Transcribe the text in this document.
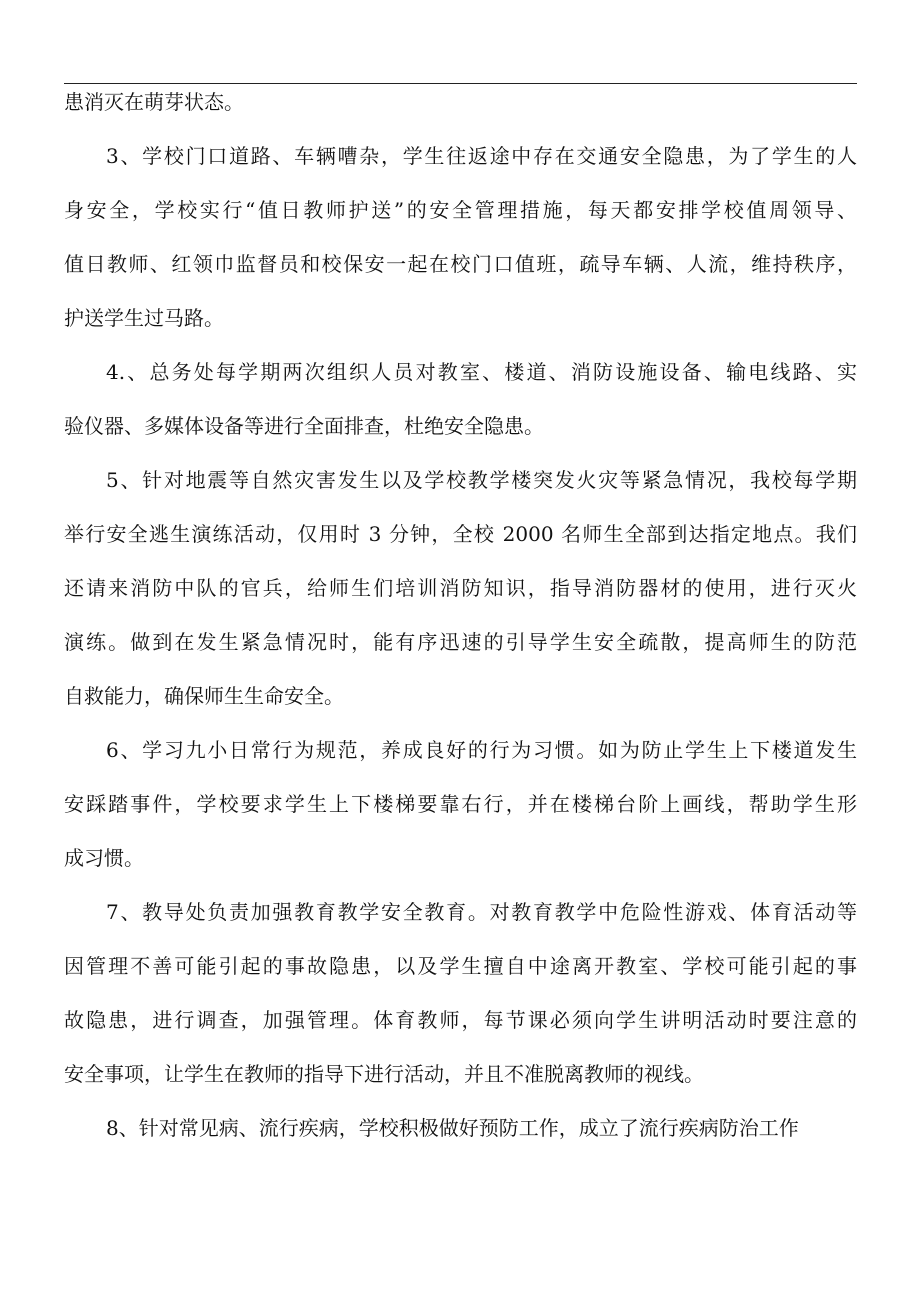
患消灭在萌芽状态。
3、学校门口道路、车辆嘈杂，学生往返途中存在交通安全隐患，为了学生的人
身安全，学校实行“值日教师护送”的安全管理措施，每天都安排学校值周领导、
值日教师、红领巾监督员和校保安一起在校门口值班，疏导车辆、人流，维持秩序，
护送学生过马路。
4.、总务处每学期两次组织人员对教室、楼道、消防设施设备、输电线路、实
验仪器、多媒体设备等进行全面排查，杜绝安全隐患。
5、针对地震等自然灾害发生以及学校教学楼突发火灾等紧急情况，我校每学期
举行安全逃生演练活动，仅用时 3 分钟，全校 2000 名师生全部到达指定地点。我们
还请来消防中队的官兵，给师生们培训消防知识，指导消防器材的使用，进行灭火
演练。做到在发生紧急情况时，能有序迅速的引导学生安全疏散，提高师生的防范
自救能力，确保师生生命安全。
6、学习九小日常行为规范，养成良好的行为习惯。如为防止学生上下楼道发生
安踩踏事件，学校要求学生上下楼梯要靠右行，并在楼梯台阶上画线，帮助学生形
成习惯。
7、教导处负责加强教育教学安全教育。对教育教学中危险性游戏、体育活动等
因管理不善可能引起的事故隐患，以及学生擅自中途离开教室、学校可能引起的事
故隐患，进行调查，加强管理。体育教师，每节课必须向学生讲明活动时要注意的
安全事项，让学生在教师的指导下进行活动，并且不准脱离教师的视线。
8、针对常见病、流行疾病，学校积极做好预防工作，成立了流行疾病防治工作
